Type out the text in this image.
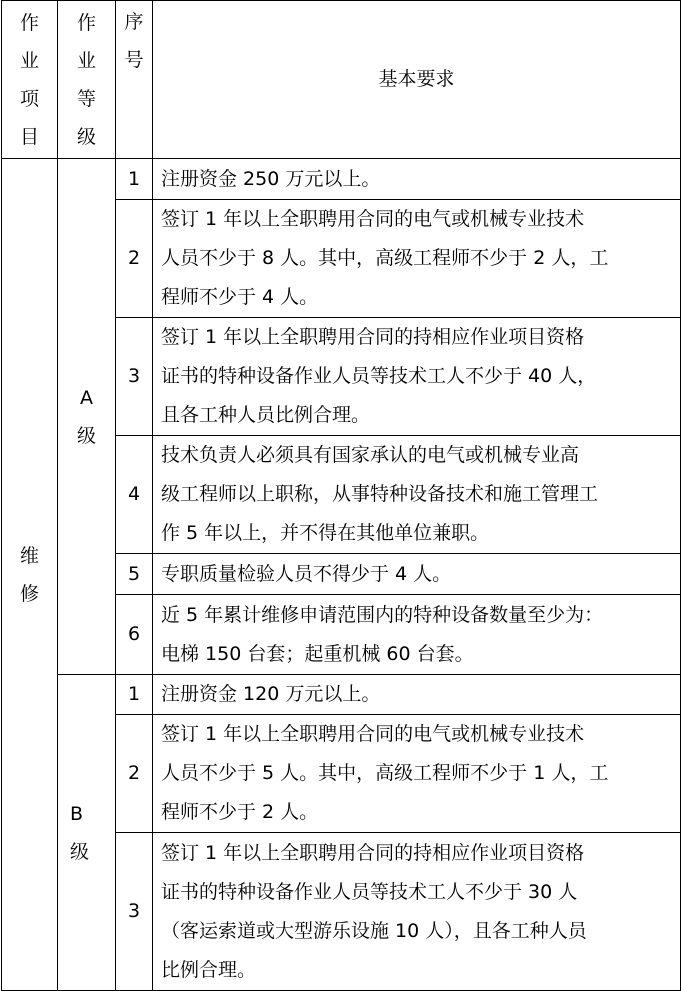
作
业
项
目	作
业
等
级	序
号	基本要求

维
修	A
级	1	注册资金 250 万元以上。

		2	签订 1 年以上全职聘用合同的电气或机械专业技术
人员不少于 8 人。其中，高级工程师不少于 2 人，工
程师不少于 4 人。

		3	签订 1 年以上全职聘用合同的持相应作业项目资格
证书的特种设备作业人员等技术工人不少于 40 人，
且各工种人员比例合理。

		4	技术负责人必须具有国家承认的电气或机械专业高
级工程师以上职称，从事特种设备技术和施工管理工
作 5 年以上，并不得在其他单位兼职。

		5	专职质量检验人员不得少于 4 人。

		6	近 5 年累计维修申请范围内的特种设备数量至少为：
电梯 150 台套；起重机械 60 台套。

	B
级	1	注册资金 120 万元以上。

		2	签订 1 年以上全职聘用合同的电气或机械专业技术
人员不少于 5 人。其中，高级工程师不少于 1 人，工
程师不少于 2 人。

		3	签订 1 年以上全职聘用合同的持相应作业项目资格
证书的特种设备作业人员等技术工人不少于 30 人
（客运索道或大型游乐设施 10 人），且各工种人员
比例合理。
